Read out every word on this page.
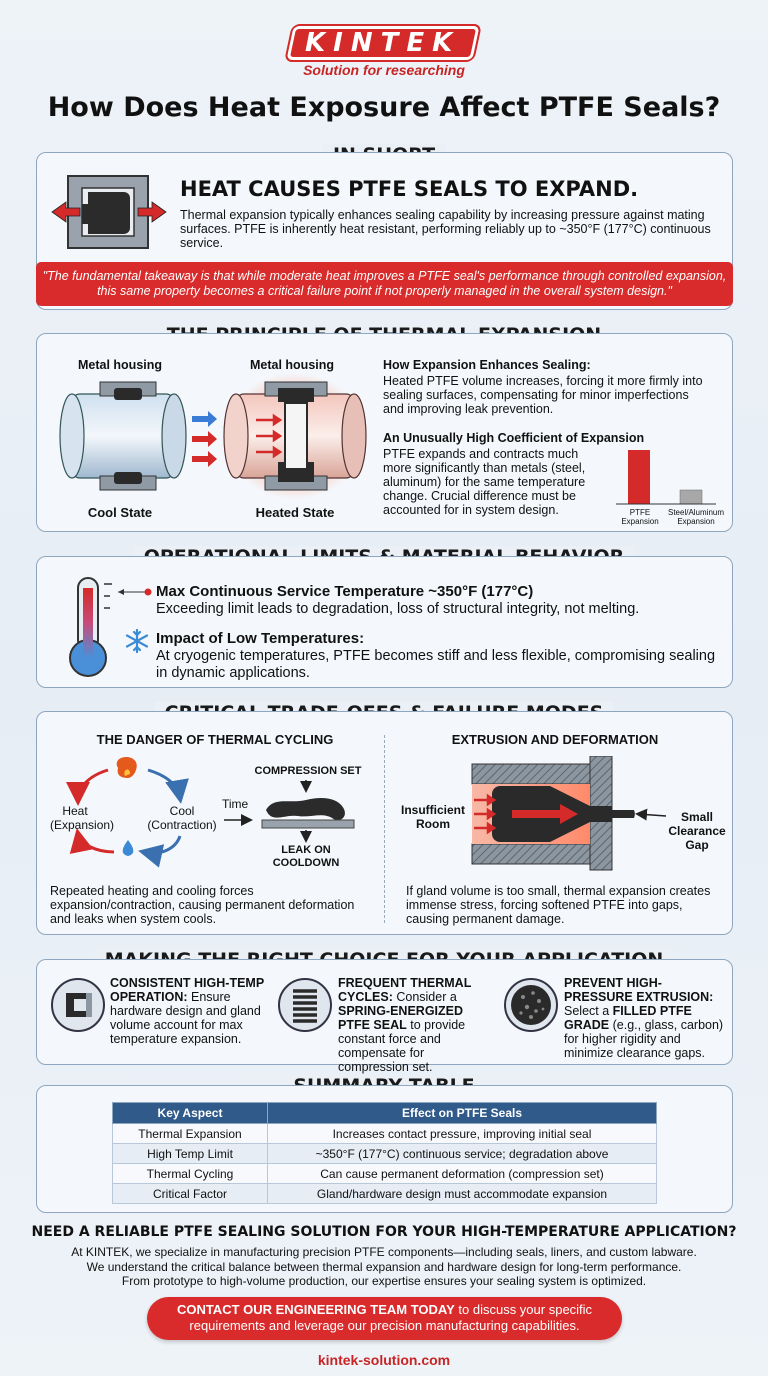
KINTEK
Solution for researching
How Does Heat Exposure Affect PTFE Seals?
HEAT CAUSES PTFE SEALS TO EXPAND.
Thermal expansion typically enhances sealing capability by increasing pressure against mating surfaces. PTFE is inherently heat resistant, performing reliably up to ~350°F (177°C) continuous service.
"The fundamental takeaway is that while moderate heat improves a PTFE seal's performance through controlled expansion, this same property becomes a critical failure point if not properly managed in the overall system design."
Metal housing	Metal housing
Cool State	Heated State
How Expansion Enhances Sealing:
Heated PTFE volume increases, forcing it more firmly into sealing surfaces, compensating for minor imperfections and improving leak prevention.
An Unusually High Coefficient of Expansion
PTFE expands and contracts much more significantly than metals (steel, aluminum) for the same temperature change. Crucial difference must be accounted for in system design.	PTFE Expansion
Steel/Aluminum Expansion
Max Continuous Service Temperature ~350°F (177°C)
Exceeding limit leads to degradation, loss of structural integrity, not melting.
Impact of Low Temperatures:
At cryogenic temperatures, PTFE becomes stiff and less flexible, compromising sealing in dynamic applications.
THE DANGER OF THERMAL CYCLING
Heat
(Expansion)
Cool
(Contraction)
Time
COMPRESSION SET
LEAK ON
COOLDOWN
Repeated heating and cooling forces expansion/contraction, causing permanent deformation and leaks when system cools.
EXTRUSION AND DEFORMATION
Insufficient
Room	Small
Clearance
Gap
If gland volume is too small, thermal expansion creates immense stress, forcing softened PTFE into gaps, causing permanent damage.
CONSISTENT HIGH-TEMP OPERATION: Ensure hardware design and gland volume account for max temperature expansion.
FREQUENT THERMAL CYCLES: Consider a SPRING-ENERGIZED PTFE SEAL to provide constant force and compensate for compression set.
PREVENT HIGH-PRESSURE EXTRUSION: Select a FILLED PTFE GRADE (e.g., glass, carbon) for higher rigidity and minimize clearance gaps.
Key Aspect	Effect on PTFE Seals
Thermal Expansion	Increases contact pressure, improving initial seal
High Temp Limit	~350°F (177°C) continuous service; degradation above
Thermal Cycling	Can cause permanent deformation (compression set)
Critical Factor	Gland/hardware design must accommodate expansion
NEED A RELIABLE PTFE SEALING SOLUTION FOR YOUR HIGH-TEMPERATURE APPLICATION?
At KINTEK, we specialize in manufacturing precision PTFE components—including seals, liners, and custom labware.
We understand the critical balance between thermal expansion and hardware design for long-term performance.
From prototype to high-volume production, our expertise ensures your sealing system is optimized.
CONTACT OUR ENGINEERING TEAM TODAY to discuss your specific requirements and leverage our precision manufacturing capabilities.
kintek-solution.com
